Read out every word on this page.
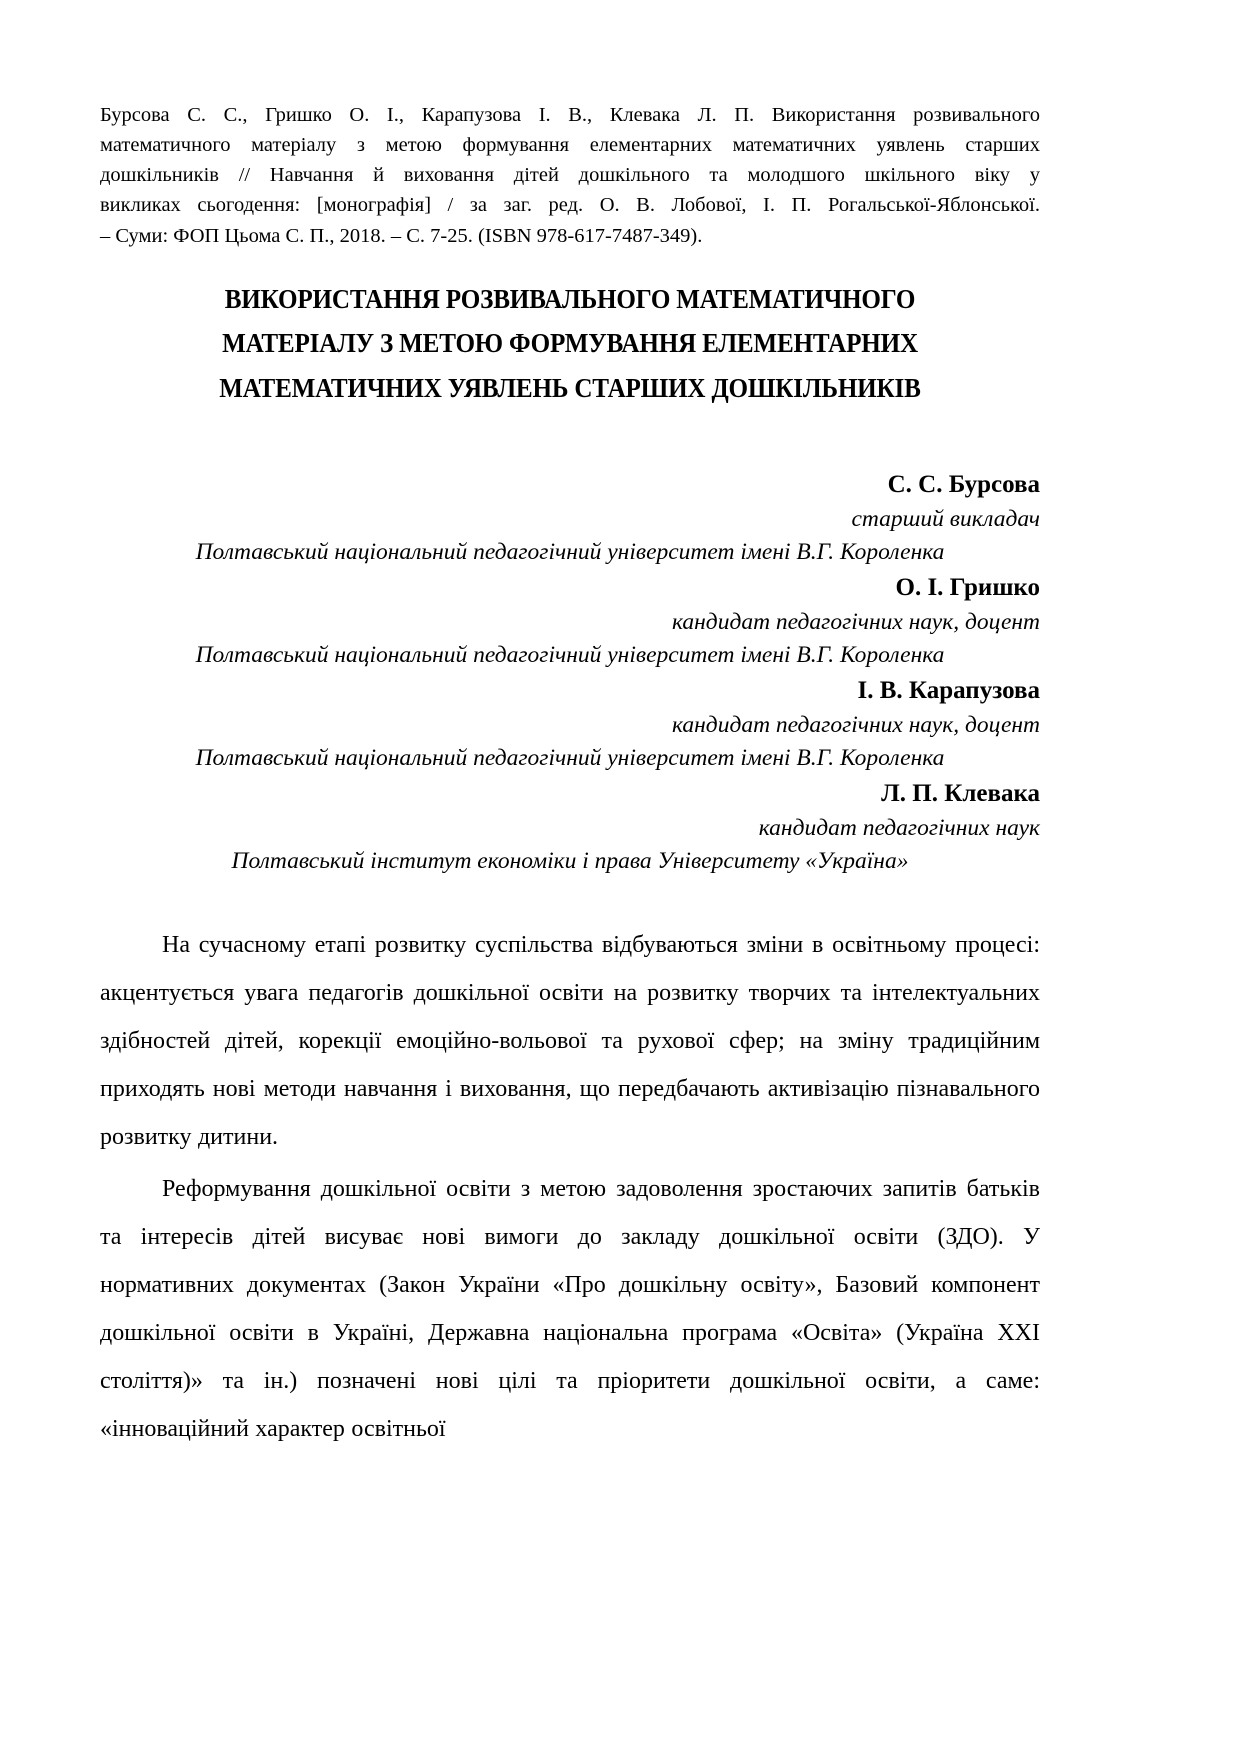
Бурсова С. С., Гришко О. І., Карапузова І. В., Клевака Л. П. Використання розвивального
математичного матеріалу з метою формування елементарних математичних уявлень старших
дошкільників // Навчання й виховання дітей дошкільного та молодшого шкільного віку у
викликах сьогодення: [монографія] / за заг. ред. О. В. Лобової, І. П. Рогальської-Яблонської.
– Суми: ФОП Цьома С. П., 2018. – С. 7-25. (ISBN 978-617-7487-349).
ВИКОРИСТАННЯ РОЗВИВАЛЬНОГО МАТЕМАТИЧНОГО
МАТЕРІАЛУ З МЕТОЮ ФОРМУВАННЯ ЕЛЕМЕНТАРНИХ
МАТЕМАТИЧНИХ УЯВЛЕНЬ СТАРШИХ ДОШКІЛЬНИКІВ
С. С. Бурсова
старший викладач
Полтавський національний педагогічний університет імені В.Г. Короленка
О. І. Гришко
кандидат педагогічних наук, доцент
Полтавський національний педагогічний університет імені В.Г. Короленка
І. В. Карапузова
кандидат педагогічних наук, доцент
Полтавський національний педагогічний університет імені В.Г. Короленка
Л. П. Клевака
кандидат педагогічних наук
Полтавський інститут економіки і права Університету «Україна»

На сучасному етапі розвитку суспільства відбуваються зміни в освітньому процесі: акцентується увага педагогів дошкільної освіти на розвитку творчих та інтелектуальних здібностей дітей, корекції емоційно-вольової та рухової сфер; на зміну традиційним приходять нові методи навчання і виховання, що передбачають активізацію пізнавального розвитку дитини.

Реформування дошкільної освіти з метою задоволення зростаючих запитів батьків та інтересів дітей висуває нові вимоги до закладу дошкільної освіти (ЗДО). У нормативних документах (Закон України «Про дошкільну освіту», Базовий компонент дошкільної освіти в Україні, Державна національна програма «Освіта» (Україна XXI століття)» та ін.) позначені нові цілі та пріоритети дошкільної освіти, а саме: «інноваційний характер освітньої
